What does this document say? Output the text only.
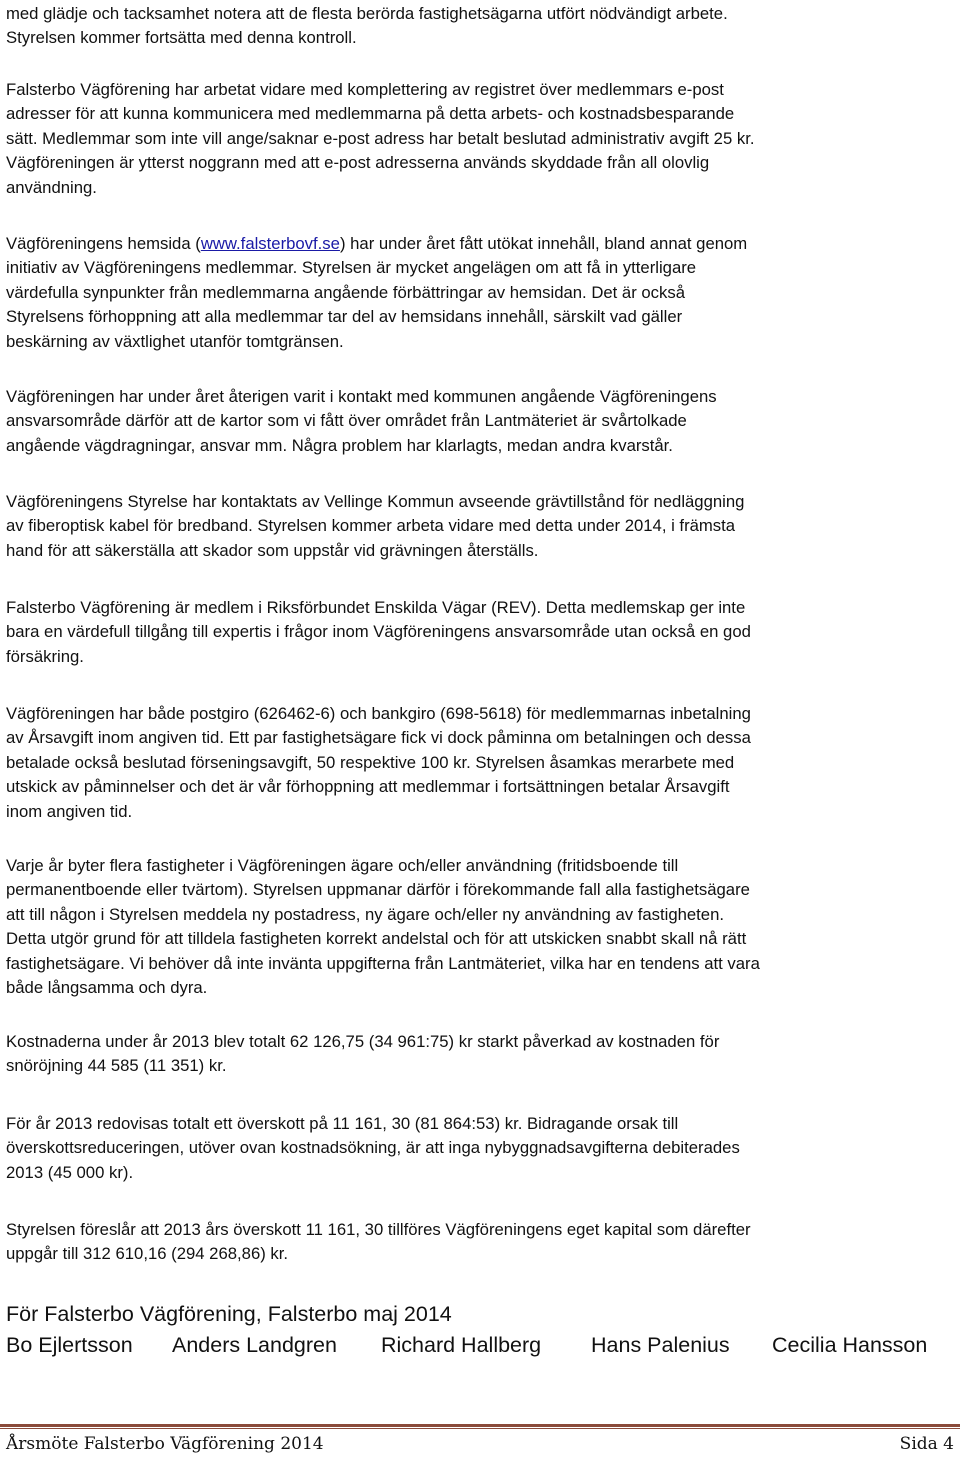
med glädje och tacksamhet notera att de flesta berörda fastighetsägarna utfört nödvändigt arbete.
Styrelsen kommer fortsätta med denna kontroll.

Falsterbo Vägförening har arbetat vidare med komplettering av registret över medlemmars e-post
adresser för att kunna kommunicera med medlemmarna på detta arbets- och kostnadsbesparande
sätt. Medlemmar som inte vill ange/saknar e-post adress har betalt beslutad administrativ avgift 25 kr.
Vägföreningen är ytterst noggrann med att e-post adresserna används skyddade från all olovlig
användning.

Vägföreningens hemsida (www.falsterbovf.se) har under året fått utökat innehåll, bland annat genom
initiativ av Vägföreningens medlemmar. Styrelsen är mycket angelägen om att få in ytterligare
värdefulla synpunkter från medlemmarna angående förbättringar av hemsidan. Det är också
Styrelsens förhoppning att alla medlemmar tar del av hemsidans innehåll, särskilt vad gäller
beskärning av växtlighet utanför tomtgränsen.

Vägföreningen har under året återigen varit i kontakt med kommunen angående Vägföreningens
ansvarsområde därför att de kartor som vi fått över området från Lantmäteriet är svårtolkade
angående vägdragningar, ansvar mm. Några problem har klarlagts, medan andra kvarstår.

Vägföreningens Styrelse har kontaktats av Vellinge Kommun avseende grävtillstånd för nedläggning
av fiberoptisk kabel för bredband. Styrelsen kommer arbeta vidare med detta under 2014, i främsta
hand för att säkerställa att skador som uppstår vid grävningen återställs.

Falsterbo Vägförening är medlem i Riksförbundet Enskilda Vägar (REV). Detta medlemskap ger inte
bara en värdefull tillgång till expertis i frågor inom Vägföreningens ansvarsområde utan också en god
försäkring.

Vägföreningen har både postgiro (626462-6) och bankgiro (698-5618) för medlemmarnas inbetalning
av Årsavgift inom angiven tid. Ett par fastighetsägare fick vi dock påminna om betalningen och dessa
betalade också beslutad förseningsavgift, 50 respektive 100 kr. Styrelsen åsamkas merarbete med
utskick av påminnelser och det är vår förhoppning att medlemmar i fortsättningen betalar Årsavgift
inom angiven tid.

Varje år byter flera fastigheter i Vägföreningen ägare och/eller användning (fritidsboende till
permanentboende eller tvärtom). Styrelsen uppmanar därför i förekommande fall alla fastighetsägare
att till någon i Styrelsen meddela ny postadress, ny ägare och/eller ny användning av fastigheten.
Detta utgör grund för att tilldela fastigheten korrekt andelstal och för att utskicken snabbt skall nå rätt
fastighetsägare. Vi behöver då inte invänta uppgifterna från Lantmäteriet, vilka har en tendens att vara
både långsamma och dyra.

Kostnaderna under år 2013 blev totalt 62 126,75 (34 961:75) kr starkt påverkad av kostnaden för
snöröjning 44 585 (11 351) kr.

För år 2013 redovisas totalt ett överskott på 11 161, 30 (81 864:53) kr. Bidragande orsak till
överskottsreduceringen, utöver ovan kostnadsökning, är att inga nybyggnadsavgifterna debiterades
2013 (45 000 kr).

Styrelsen föreslår att 2013 års överskott 11 161, 30 tillföres Vägföreningens eget kapital som därefter
uppgår till 312 610,16 (294 268,86) kr.

För Falsterbo Vägförening, Falsterbo maj 2014
Bo Ejlertsson Anders Landgren Richard Hallberg Hans Palenius Cecilia Hansson
Årsmöte Falsterbo Vägförening 2014	Sida 4
